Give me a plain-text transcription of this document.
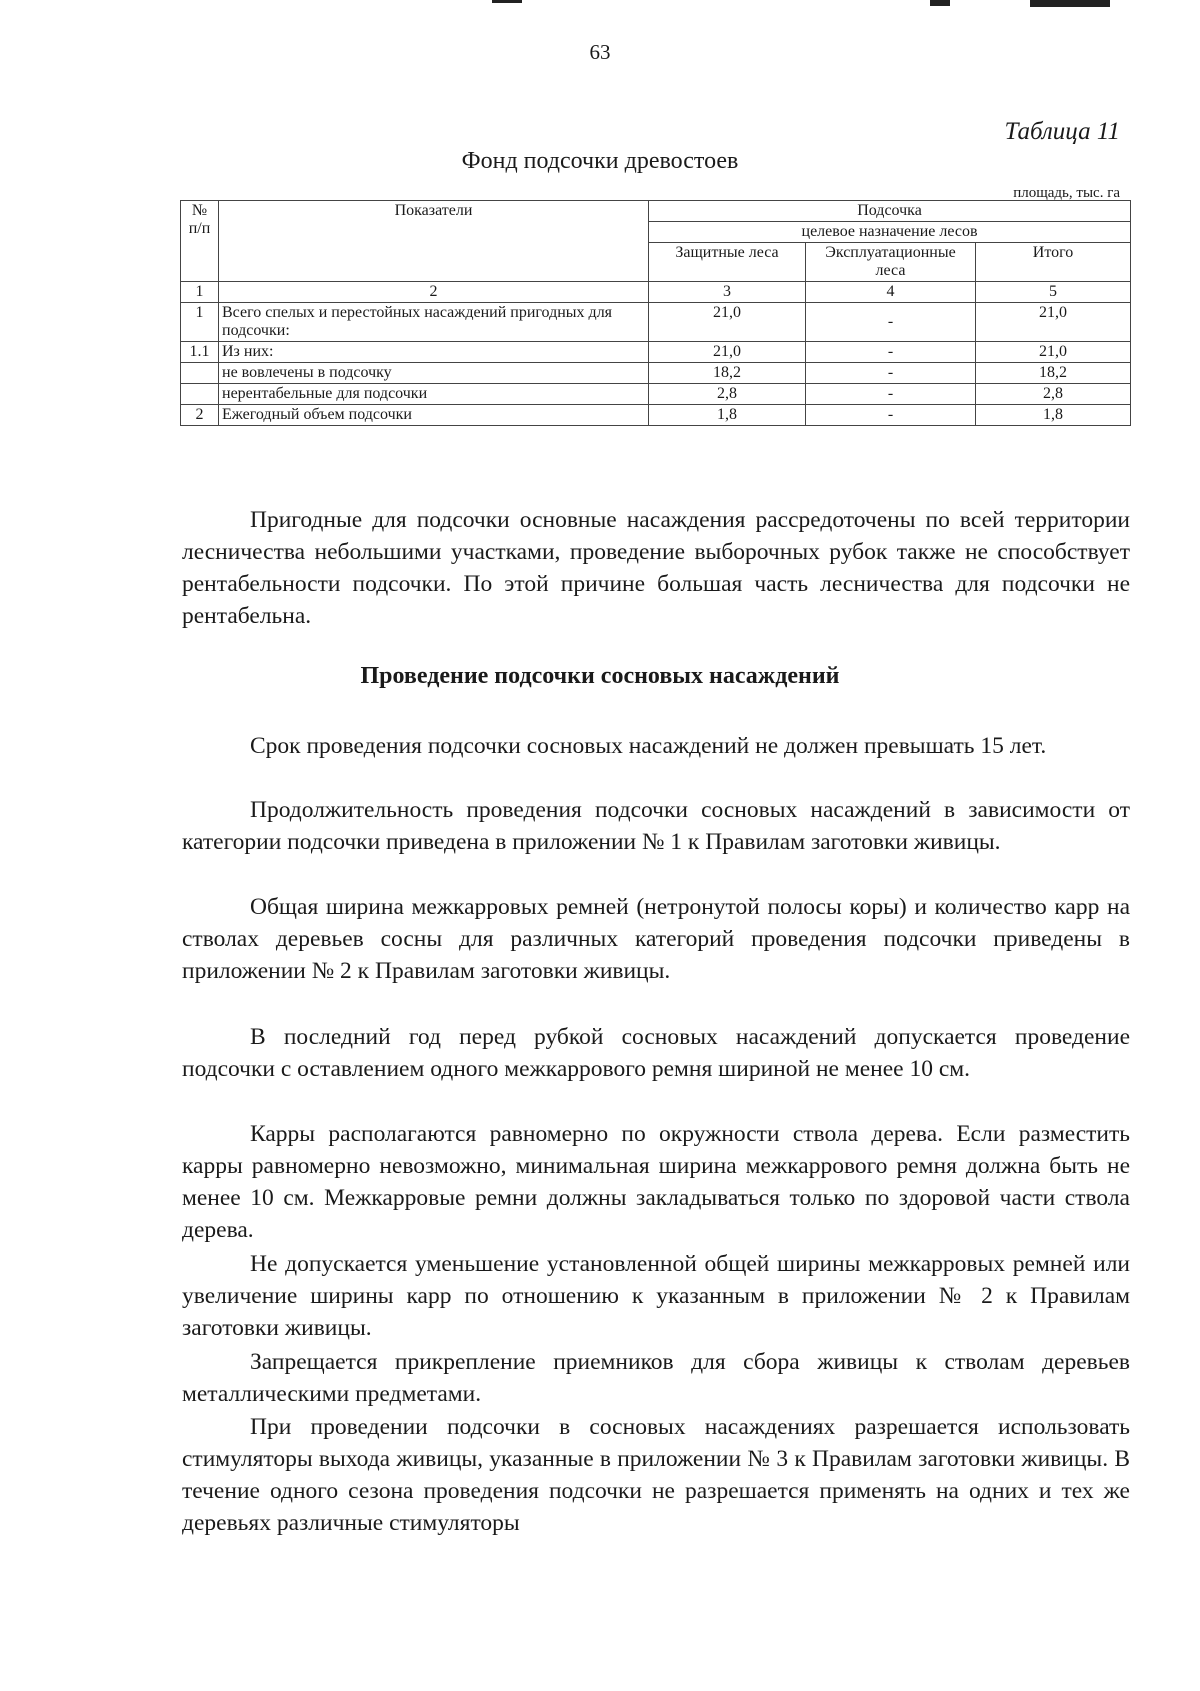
63
Таблица 11
Фонд подсочки древостоев
площадь, тыс. га
№ п/п	Показатели	Подсочка		
		целевое назначение лесов		
		Защитные леса	Эксплуатационные леса	Итого
1	2	3	4	5
1	Всего спелых и перестойных насаждений пригодных для подсочки:	21,0	-	21,0
1.1	Из них:	21,0	-	21,0
	не вовлечены в подсочку	18,2	-	18,2
	нерентабельные для подсочки	2,8	-	2,8
2	Ежегодный объем подсочки	1,8	-	1,8

Пригодные для подсочки основные насаждения рассредоточены по всей территории лесничества небольшими участками, проведение выборочных рубок также не способствует рентабельности подсочки. По этой причине большая часть лесничества для подсочки не рентабельна.

Проведение подсочки сосновых насаждений

Срок проведения подсочки сосновых насаждений не должен превышать 15 лет.

Продолжительность проведения подсочки сосновых насаждений в зависимости от категории подсочки приведена в приложении № 1 к Правилам заготовки живицы.

Общая ширина межкарровых ремней (нетронутой полосы коры) и количество карр на стволах деревьев сосны для различных категорий проведения подсочки приведены в приложении № 2 к Правилам заготовки живицы.

В последний год перед рубкой сосновых насаждений допускается проведение подсочки с оставлением одного межкаррового ремня шириной не менее 10 см.

Карры располагаются равномерно по окружности ствола дерева. Если разместить карры равномерно невозможно, минимальная ширина межкаррового ремня должна быть не менее 10 см. Межкарровые ремни должны закладываться только по здоровой части ствола дерева.

Не допускается уменьшение установленной общей ширины межкарровых ремней или увеличение ширины карр по отношению к указанным в приложении № 2 к Правилам заготовки живицы.

Запрещается прикрепление приемников для сбора живицы к стволам деревьев металлическими предметами.

При проведении подсочки в сосновых насаждениях разрешается использовать стимуляторы выхода живицы, указанные в приложении № 3 к Правилам заготовки живицы. В течение одного сезона проведения подсочки не разрешается применять на одних и тех же деревьях различные стимуляторы
